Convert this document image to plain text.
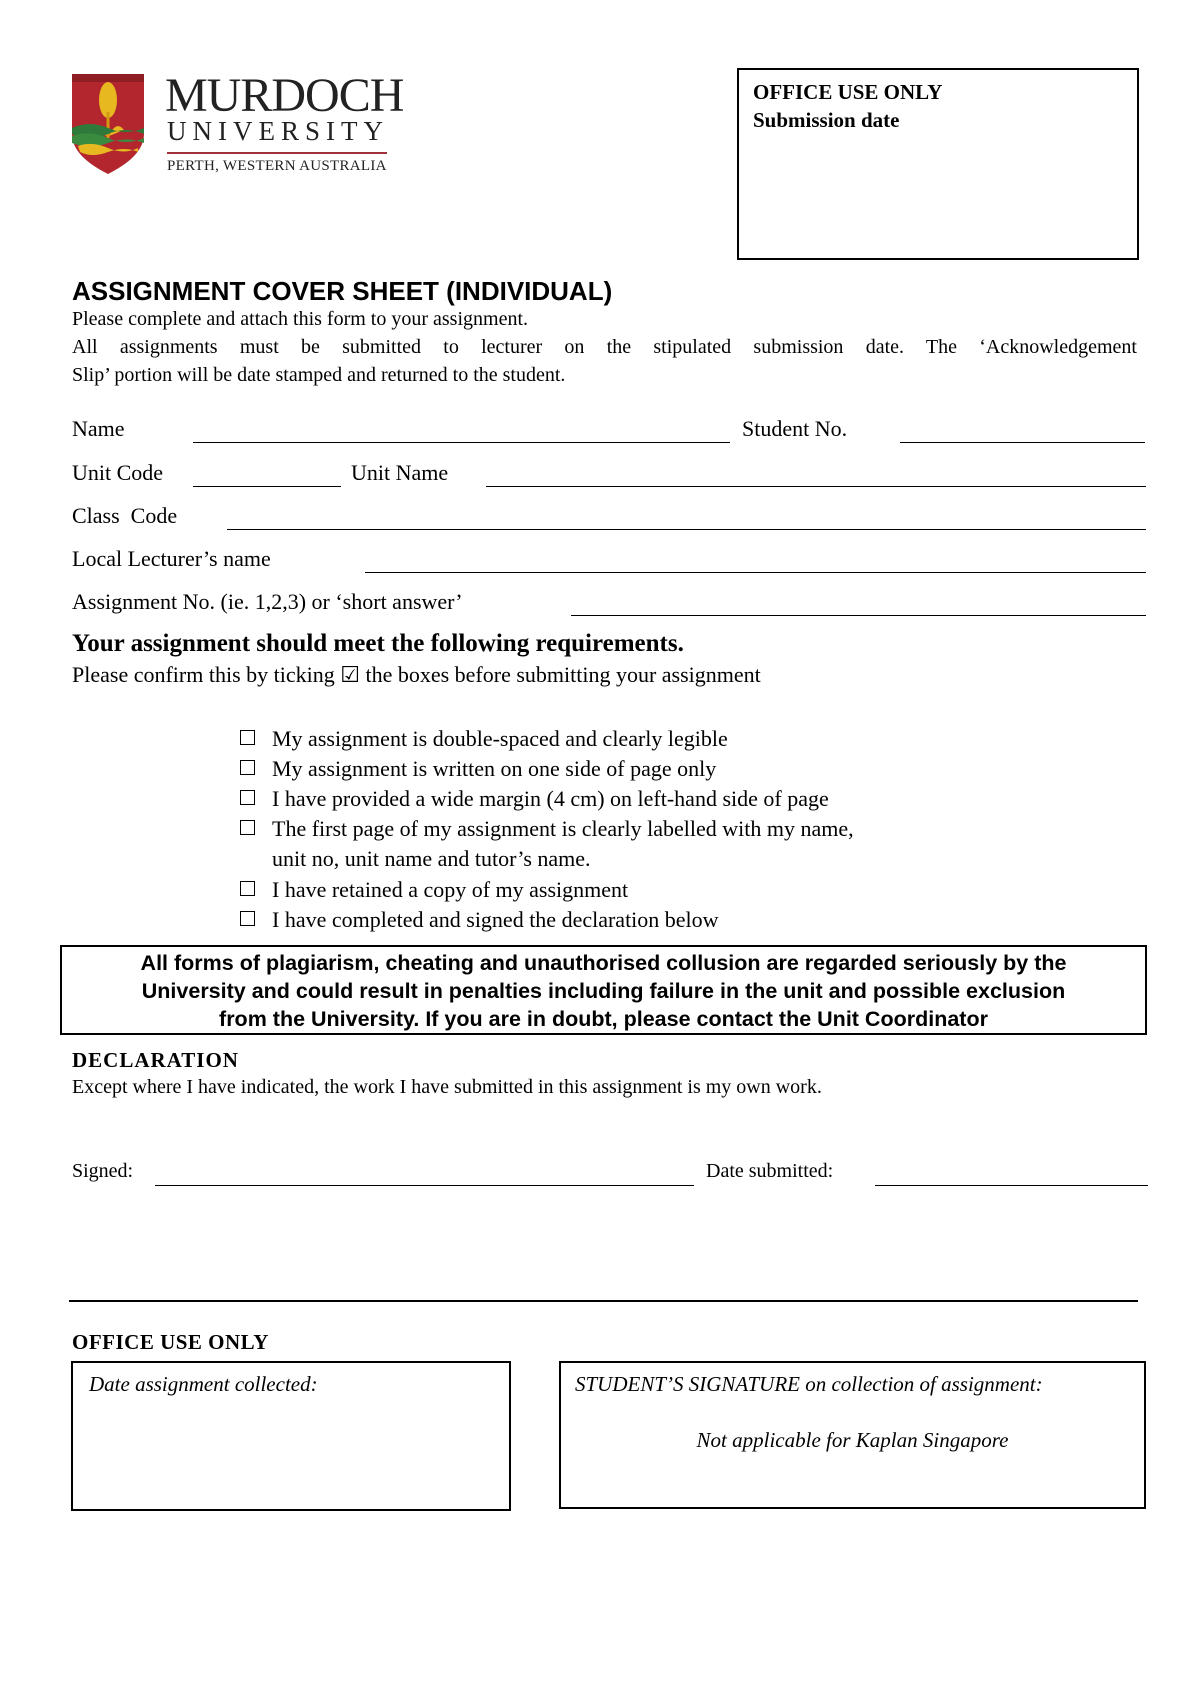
MURDOCH
UNIVERSITY
PERTH, WESTERN AUSTRALIA
OFFICE USE ONLY
Submission date
ASSIGNMENT COVER SHEET (INDIVIDUAL)
Please complete and attach this form to your assignment.
All assignments must be submitted to lecturer on the stipulated submission date. The ‘Acknowledgement
Slip’ portion will be date stamped and returned to the student.
Name	Student No.
Unit Code	Unit Name
Class  Code
Local Lecturer’s name
Assignment No. (ie. 1,2,3) or ‘short answer’
Your assignment should meet the following requirements.
Please confirm this by ticking ☑ the boxes before submitting your assignment
My assignment is double-spaced and clearly legible
My assignment is written on one side of page only
I have provided a wide margin (4 cm) on left-hand side of page
The first page of my assignment is clearly labelled with my name,
unit no, unit name and tutor’s name.
I have retained a copy of my assignment
I have completed and signed the declaration below
All forms of plagiarism, cheating and unauthorised collusion are regarded seriously by the
University and could result in penalties including failure in the unit and possible exclusion
from the University. If you are in doubt, please contact the Unit Coordinator
DECLARATION
Except where I have indicated, the work I have submitted in this assignment is my own work.
Signed:	Date submitted:
OFFICE USE ONLY
Date assignment collected:	STUDENT’S SIGNATURE on collection of assignment:
Not applicable for Kaplan Singapore
